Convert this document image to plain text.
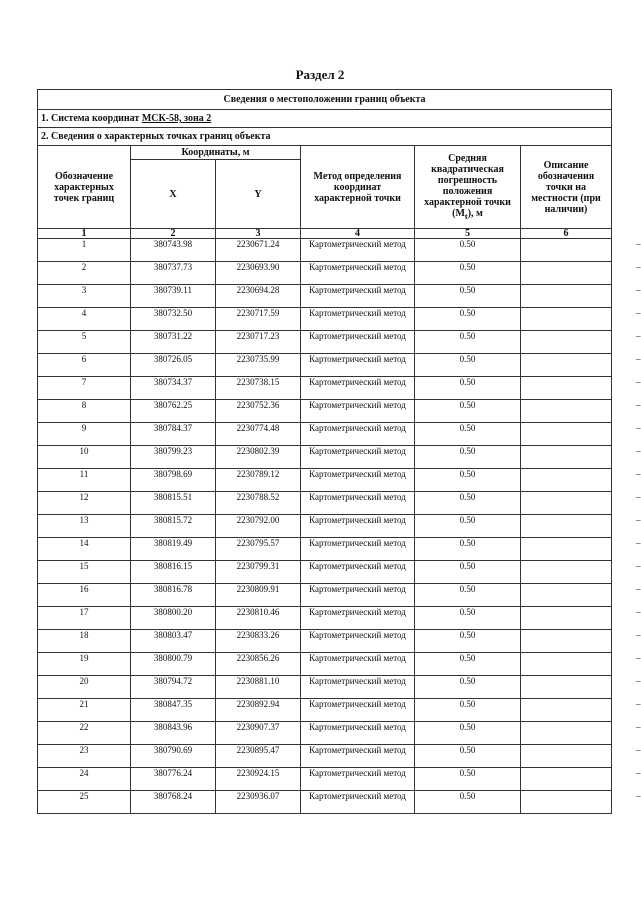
Раздел 2
Сведения о местоположении границ объекта					
1. Система координат МСК-58, зона 2					
2. Сведения о характерных точках границ объекта					
Обозначение характерных точек границ	Координаты, м		Метод определения координат характерной точки	Средняя квадратическая погрешность положения характерной точки $(M_t)$, м	Описание обозначения точки на местности (при наличии)
	X	Y			
1	2	3	4	5	6
1	380743.98	2230671.24	Картометрический метод	0.50	–
2	380737.73	2230693.90	Картометрический метод	0.50	–
3	380739.11	2230694.28	Картометрический метод	0.50	–
4	380732.50	2230717.59	Картометрический метод	0.50	–
5	380731.22	2230717.23	Картометрический метод	0.50	–
6	380726.05	2230735.99	Картометрический метод	0.50	–
7	380734.37	2230738.15	Картометрический метод	0.50	–
8	380762.25	2230752.36	Картометрический метод	0.50	–
9	380784.37	2230774.48	Картометрический метод	0.50	–
10	380799.23	2230802.39	Картометрический метод	0.50	–
11	380798.69	2230789.12	Картометрический метод	0.50	–
12	380815.51	2230788.52	Картометрический метод	0.50	–
13	380815.72	2230792.00	Картометрический метод	0.50	–
14	380819.49	2230795.57	Картометрический метод	0.50	–
15	380816.15	2230799.31	Картометрический метод	0.50	–
16	380816.78	2230809.91	Картометрический метод	0.50	–
17	380800.20	2230810.46	Картометрический метод	0.50	–
18	380803.47	2230833.26	Картометрический метод	0.50	–
19	380800.79	2230856.26	Картометрический метод	0.50	–
20	380794.72	2230881.10	Картометрический метод	0.50	–
21	380847.35	2230892.94	Картометрический метод	0.50	–
22	380843.96	2230907.37	Картометрический метод	0.50	–
23	380790.69	2230895.47	Картометрический метод	0.50	–
24	380776.24	2230924.15	Картометрический метод	0.50	–
25	380768.24	2230936.07	Картометрический метод	0.50	–
